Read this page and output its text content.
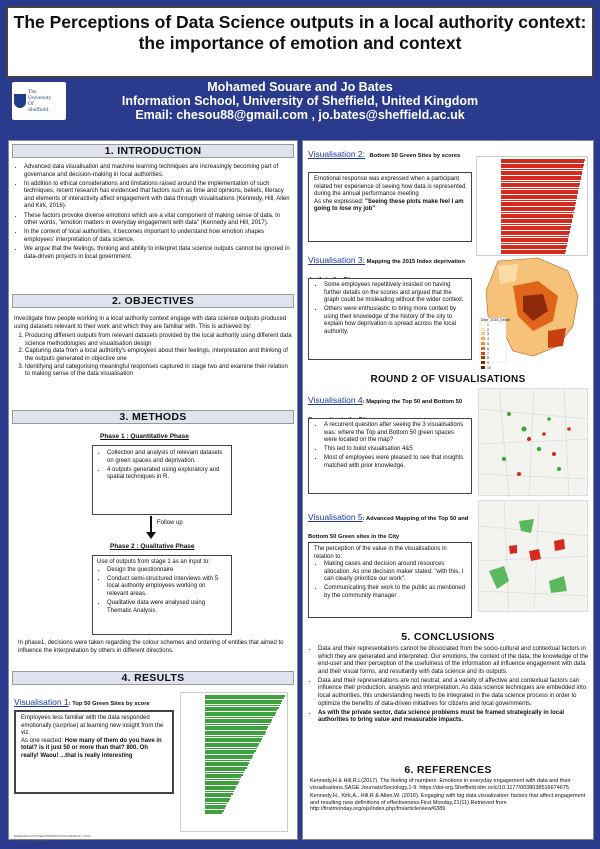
The Perceptions of Data Science outputs in a local authority context: the importance of emotion and context
The
University
Of
Sheffield.
Mohamed Souare and Jo Bates
Information School, University of Sheffield, United Kingdom
Email: chesou88@gmail.com , jo.bates@sheffield.ac.uk
1. INTRODUCTION
• Advanced data visualisation and machine learning techniques are increasingly becoming part of governance and decision-making in local authorities.
• In addition to ethical considerations and limitations raised around the implementation of such techniques, recent research has evidenced that factors such as time and opinions, beliefs, literacy and elements of interactivity affect engagement with data through visualisations (Kennedy, Hill, Allen and Kirk, 2016).
• These factors provoke diverse emotions which are a vital component of making sense of data. In other words, "emotion matters in everyday engagement with data" (Kennedy and Hill, 2017).
• In the context of local authorities, it becomes important to understand how emotion shapes employees' interpretation of data science.
• We argue that the feelings, thinking and ability to interpret data science outputs cannot be ignored in data-driven projects in local government.
2. OBJECTIVES

Investigate how people working in a local authority context engage with data science outputs produced using datasets relevant to their work and which they are familiar with. This is achieved by:

1. Producing different outputs from relevant datasets provided by the local authority using different data science methodologies and visualisation design
2. Capturing data from a local authority's employees about their feelings, interpretation and thinking of the outputs generated in objective one
3. Identifying and categorising meaningful responses captured in stage two and examine their relation to making sense of the data visualisation
3. METHODS
Phase 1 : Quantitative Phase
• Collection and analysis of relevant datasets on green spaces and deprivation.
• 4 outputs generated using exploratory and spatial techniques in R.
Follow up
Phase 2 : Qualitative Phase

Use of outputs from stage 1 as an input to:

• Design the questionnaire
• Conduct semi-structured interviews with 5 local authority employees working on relevant areas.
• Qualitative data were analysed using Thematic Analysis.
In phase1, decisions were taken regarding the colour schemes and ordering of entities that aimed to influence the interpretation by others in different directions.
4. RESULTS
Visualisation 1: Top 50 Green Sites by score

Employees less familiar with the data responded emotionally (surprise) at learning new insight from the viz.

As one reacted: How many of them do you have in total? is it just 50 or more than that? 800. Oh really! Waou! ...that is really interesting

RESEARCH POSTER PRESENTATION DESIGN © 2015
www.PosterPresentations.com
Visualisation 2: Bottom 50 Green Sites by scores

Emotional response was expressed when a participant related her experience of seeing how data is represented during the annual performance meeting

As she expressed: "Seeing these plots make feel I am going to lose my job"

Visualisation 3: Mapping the 2015 Index deprivation
• Some employees repetitively insisted on having further details on the scores and argued that the graph could be misleading without the wider context.
• Others were enthusiastic to bring more context by using their knowledge of the history of the city to explain how deprivation is spread across the local authority.
Depr_2015_Decile
1
2
3
4
5
6
7
8
9
10
ROUND 2 OF VISUALISATIONS
Visualisation 4: Mapping the Top 50 and Bottom 50
• A recurrent question after seeing the 3 visualisations was: where the Top and Bottom 50 green spaces were located on the map?
• This led to build visualisation 4&5
• Most of employees were pleased to see that insights matched with prior knowledge.
Visualisation 5: Advanced Mapping of the Top 50 and Bottom 50 Green sites in the City

The perception of the value in the visualisations in relation to:

• Making cases and decision around resources allocation. As one decision maker stated: "with this, I can clearly prioritize our work".
• Communicating their work to the public as mentioned by the community manager
5. CONCLUSIONS
• Data and their representations cannot be dissociated from the socio-cultural and contextual factors in which they are generated and interpreted. Our emotions, the context of the data, the knowledge of the end-user and their perception of the usefulness of the information all influence engagement with data and their visual forms, and resultantly with data science and its outputs.
• Data and their representations are not neutral, and a variety of affective and contextual factors can influence their production, analysis and interpretation. As data science techniques are embedded into local authorities, this understanding needs to be integrated in the data science process in order to optimize the benefits of data-driven initiatives for citizens and local governments.
• As with the private sector, data science problems must be framed strategically in local authorities to bring value and measurable impacts.
6. REFERENCES

Kennedy,H & Hill,R.L(2017). The feeling of numbers: Emotions in everyday engagement with data and their visualisations.SAGE Journals/Sociology,1-9. https://doi-org.Sheffield.idm.oclc/10.1177/0038038516674675

Kennedy,H., Kirk,A., Hill,R & Allen,W. (2016). Engaging with big data visualization: factors that affect engagement and resulting new definitions of effectiveness.First Monday,21(11).Retrieved from http://firstmonday.org/ojs/index.php/fm/article/view/6389
